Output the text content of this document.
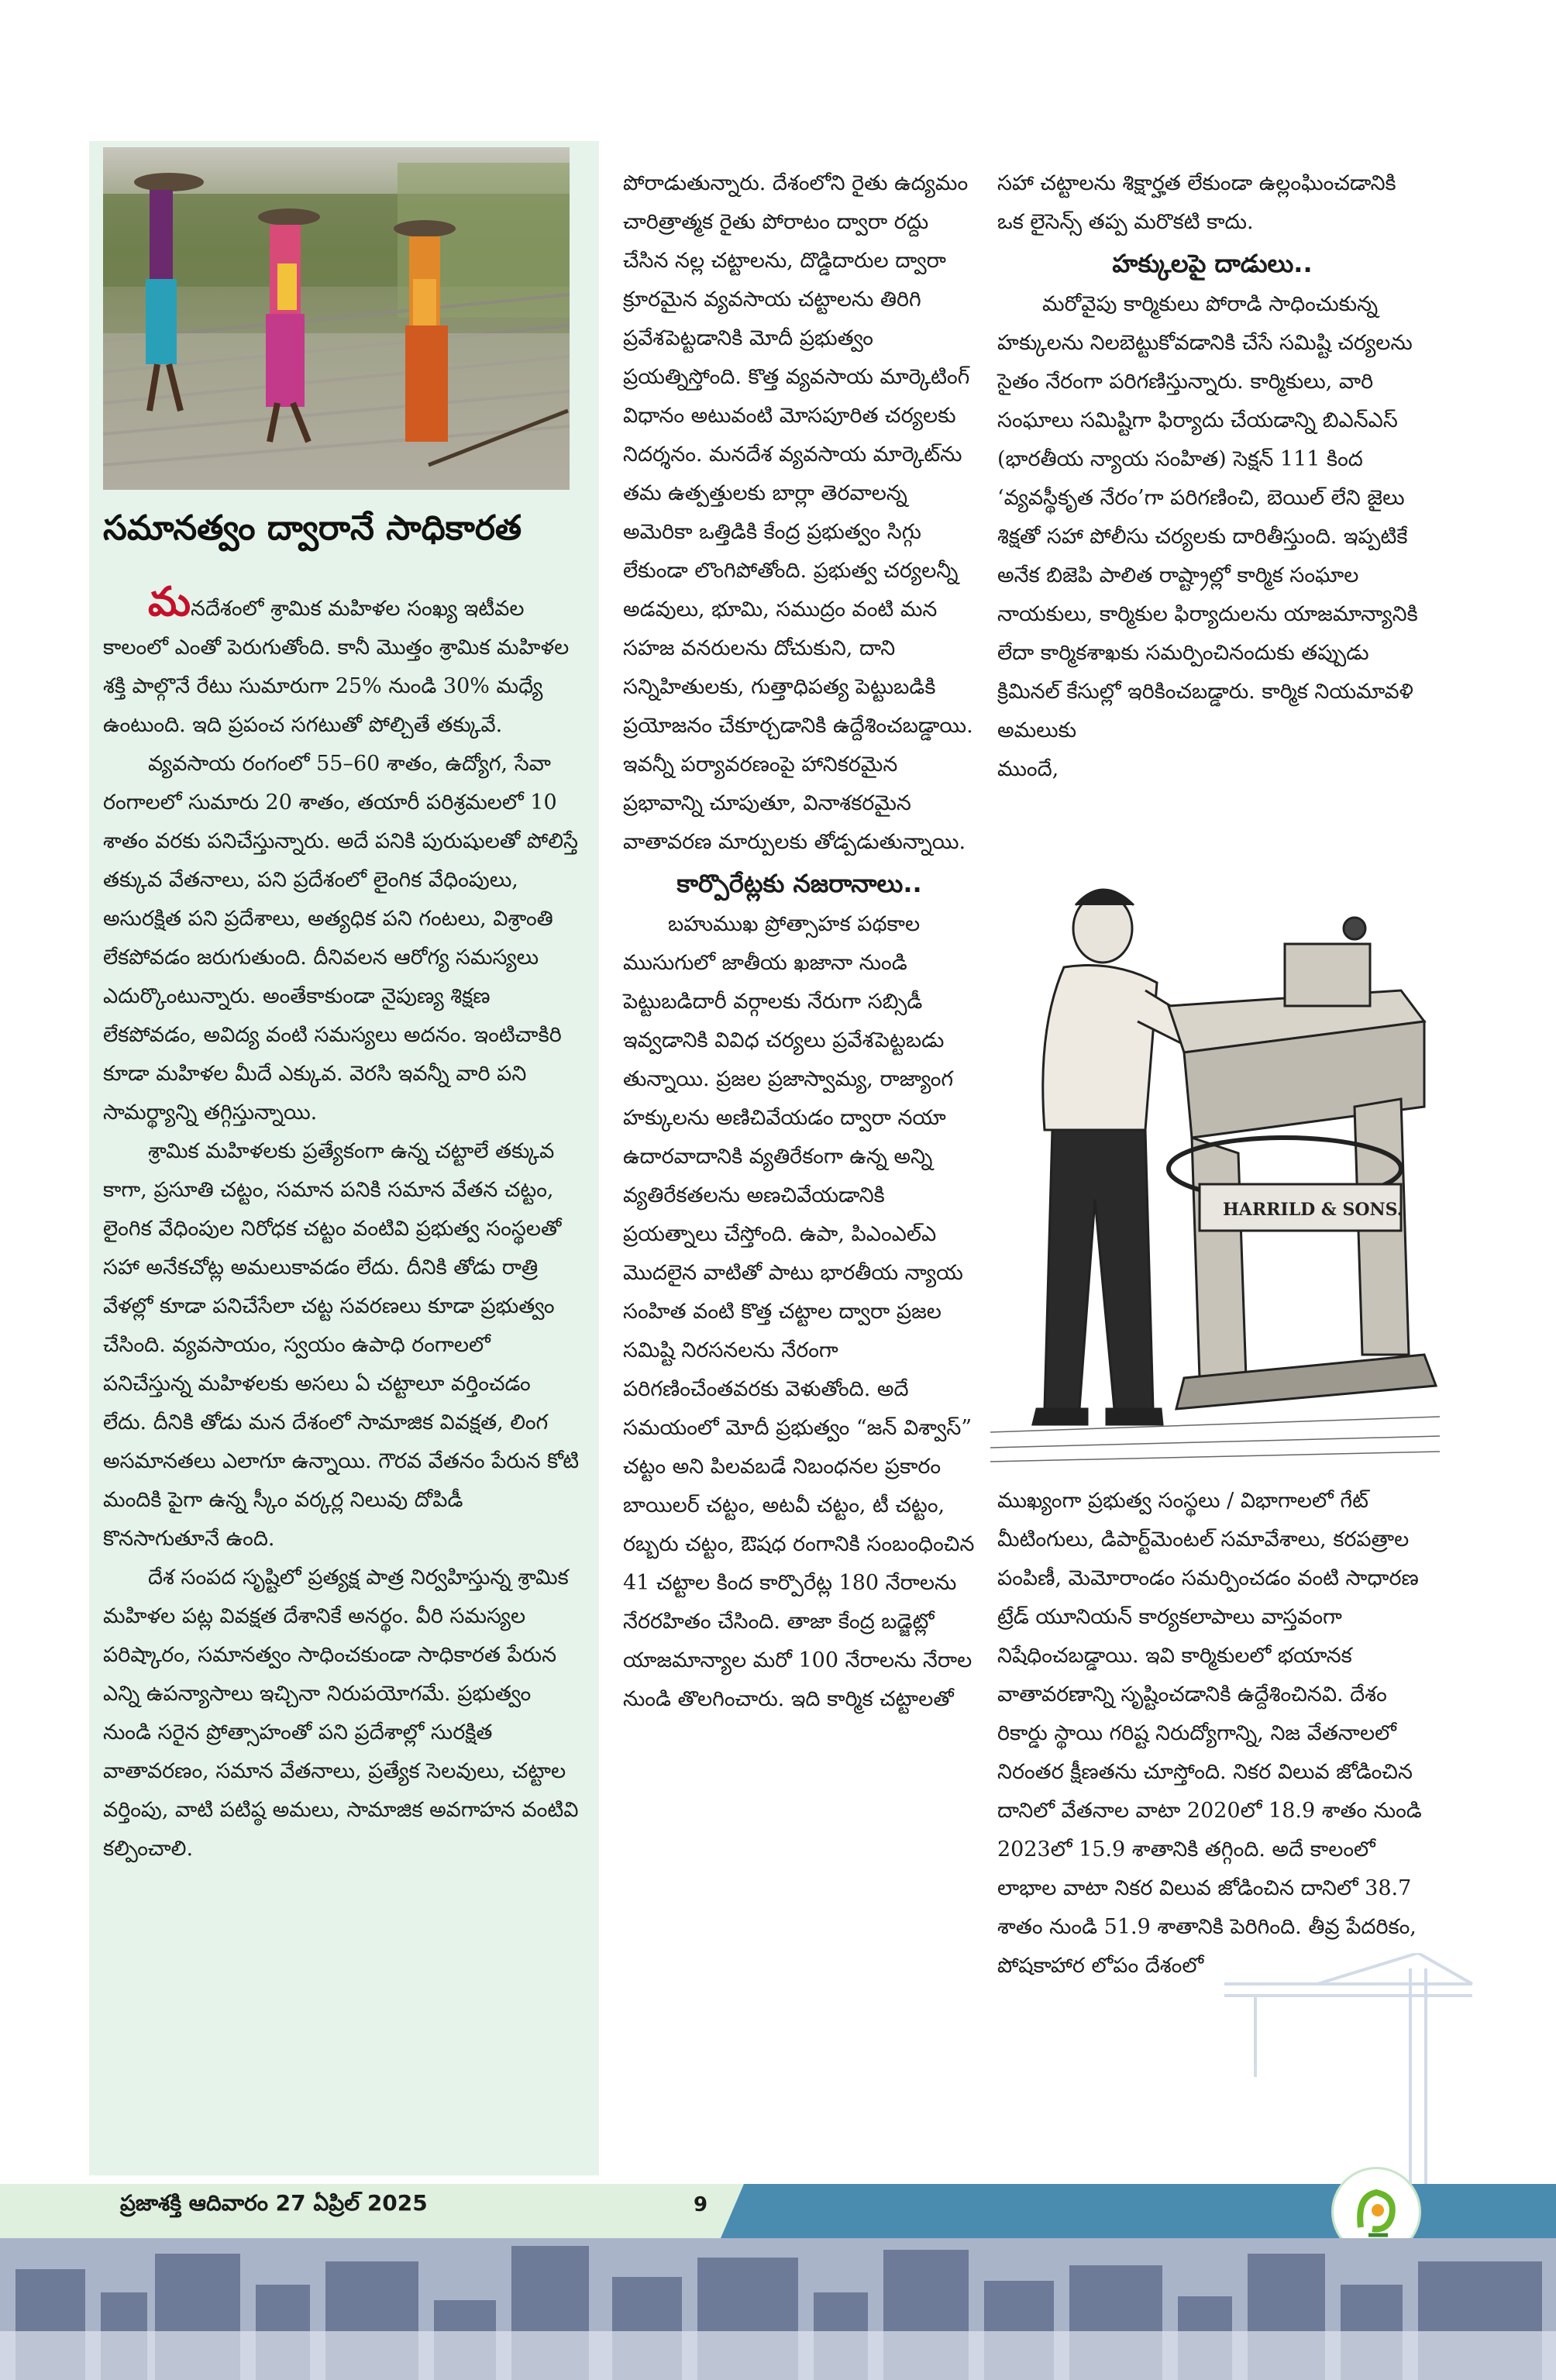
సమానత్వం ద్వారానే సాధికారత

మనదేశంలో శ్రామిక మహిళల సంఖ్య ఇటీవల కాలంలో ఎంతో పెరుగుతోంది. కానీ మొత్తం శ్రామిక మహిళల శక్తి పాల్గొనే రేటు సుమారుగా 25% నుండి 30% మధ్యే ఉంటుంది. ఇది ప్రపంచ సగటుతో పోల్చితే తక్కువే.

వ్యవసాయ రంగంలో 55–60 శాతం, ఉద్యోగ, సేవా రంగాలలో సుమారు 20 శాతం, తయారీ పరిశ్రమలలో 10 శాతం వరకు పనిచేస్తున్నారు. అదే పనికి పురుషులతో పోలిస్తే తక్కువ వేతనాలు, పని ప్రదేశంలో లైంగిక వేధింపులు, అసురక్షిత పని ప్రదేశాలు, అత్యధిక పని గంటలు, విశ్రాంతి లేకపోవడం జరుగుతుంది. దీనివలన ఆరోగ్య సమస్యలు ఎదుర్కొంటున్నారు. అంతేకాకుండా నైపుణ్య శిక్షణ లేకపోవడం, అవిద్య వంటి సమస్యలు అదనం. ఇంటిచాకిరి కూడా మహిళల మీదే ఎక్కువ. వెరసి ఇవన్నీ వారి పని సామర్థ్యాన్ని తగ్గిస్తున్నాయి.

శ్రామిక మహిళలకు ప్రత్యేకంగా ఉన్న చట్టాలే తక్కువ కాగా, ప్రసూతి చట్టం, సమాన పనికి సమాన వేతన చట్టం, లైంగిక వేధింపుల నిరోధక చట్టం వంటివి ప్రభుత్వ సంస్థలతో సహా అనేకచోట్ల అమలుకావడం లేదు. దీనికి తోడు రాత్రి వేళల్లో కూడా పనిచేసేలా చట్ట సవరణలు కూడా ప్రభుత్వం చేసింది. వ్యవసాయం, స్వయం ఉపాధి రంగాలలో పనిచేస్తున్న మహిళలకు అసలు ఏ చట్టాలూ వర్తించడం లేదు. దీనికి తోడు మన దేశంలో సామాజిక వివక్షత, లింగ అసమానతలు ఎలాగూ ఉన్నాయి. గౌరవ వేతనం పేరున కోటి మందికి పైగా ఉన్న స్కీం వర్కర్ల నిలువు దోపిడీ కొనసాగుతూనే ఉంది.

దేశ సంపద సృష్టిలో ప్రత్యక్ష పాత్ర నిర్వహిస్తున్న శ్రామిక మహిళల పట్ల వివక్షత దేశానికే అనర్థం. వీరి సమస్యల పరిష్కారం, సమానత్వం సాధించకుండా సాధికారత పేరున ఎన్ని ఉపన్యాసాలు ఇచ్చినా నిరుపయోగమే. ప్రభుత్వం నుండి సరైన ప్రోత్సాహంతో పని ప్రదేశాల్లో సురక్షిత వాతావరణం, సమాన వేతనాలు, ప్రత్యేక సెలవులు, చట్టాల వర్తింపు, వాటి పటిష్ఠ అమలు, సామాజిక అవగాహన వంటివి కల్పించాలి.

పోరాడుతున్నారు. దేశంలోని రైతు ఉద్యమం చారిత్రాత్మక రైతు పోరాటం ద్వారా రద్దు చేసిన నల్ల చట్టాలను, దొడ్డిదారుల ద్వారా క్రూరమైన వ్యవసాయ చట్టాలను తిరిగి ప్రవేశపెట్టడానికి మోదీ ప్రభుత్వం ప్రయత్నిస్తోంది. కొత్త వ్యవసాయ మార్కెటింగ్ విధానం అటువంటి మోసపూరిత చర్యలకు నిదర్శనం. మనదేశ వ్యవసాయ మార్కెట్‌ను తమ ఉత్పత్తులకు బార్లా తెరవాలన్న అమెరికా ఒత్తిడికి కేంద్ర ప్రభుత్వం సిగ్గు లేకుండా లొంగిపోతోంది. ప్రభుత్వ చర్యలన్నీ అడవులు, భూమి, సముద్రం వంటి మన సహజ వనరులను దోచుకుని, దాని సన్నిహితులకు, గుత్తాధిపత్య పెట్టుబడికి ప్రయోజనం చేకూర్చడానికి ఉద్దేశించబడ్డాయి. ఇవన్నీ పర్యావరణంపై హానికరమైన ప్రభావాన్ని చూపుతూ, వినాశకరమైన వాతావరణ మార్పులకు తోడ్పడుతున్నాయి.

కార్పొరేట్లకు నజరానాలు..

బహుముఖ ప్రోత్సాహక పథకాల ముసుగులో జాతీయ ఖజానా నుండి పెట్టుబడిదారీ వర్గాలకు నేరుగా సబ్సిడీ ఇవ్వడానికి వివిధ చర్యలు ప్రవేశపెట్టబడు తున్నాయి. ప్రజల ప్రజాస్వామ్య, రాజ్యాంగ హక్కులను అణిచివేయడం ద్వారా నయా ఉదారవాదానికి వ్యతిరేకంగా ఉన్న అన్ని వ్యతిరేకతలను అణచివేయడానికి ప్రయత్నాలు చేస్తోంది. ఉపా, పిఎంఎల్ఎ మొదలైన వాటితో పాటు భారతీయ న్యాయ సంహిత వంటి కొత్త చట్టాల ద్వారా ప్రజల సమిష్టి నిరసనలను నేరంగా పరిగణించేంతవరకు వెళుతోంది. అదే సమయంలో మోదీ ప్రభుత్వం “జన్ విశ్వాస్” చట్టం అని పిలవబడే నిబంధనల ప్రకారం బాయిలర్ చట్టం, అటవీ చట్టం, టీ చట్టం, రబ్బరు చట్టం, ఔషధ రంగానికి సంబంధించిన 41 చట్టాల కింద కార్పొరేట్ల 180 నేరాలను నేరరహితం చేసింది. తాజా కేంద్ర బడ్జెట్లో యాజమాన్యాల మరో 100 నేరాలను నేరాల నుండి తొలగించారు. ఇది కార్మిక చట్టాలతో

సహా చట్టాలను శిక్షార్హత లేకుండా ఉల్లంఘించడానికి ఒక లైసెన్స్ తప్ప మరొకటి కాదు.

హక్కులపై దాడులు..

మరోవైపు కార్మికులు పోరాడి సాధించుకున్న హక్కులను నిలబెట్టుకోవడానికి చేసే సమిష్టి చర్యలను సైతం నేరంగా పరిగణిస్తున్నారు. కార్మికులు, వారి సంఘాలు సమిష్టిగా ఫిర్యాదు చేయడాన్ని బిఎన్ఎస్ (భారతీయ న్యాయ సంహిత) సెక్షన్ 111 కింద ‘వ్యవస్థీకృత నేరం’గా పరిగణించి, బెయిల్ లేని జైలు శిక్షతో సహా పోలీసు చర్యలకు దారితీస్తుంది. ఇప్పటికే అనేక బిజెపి పాలిత రాష్ట్రాల్లో కార్మిక సంఘాల నాయకులు, కార్మికుల ఫిర్యాదులను యాజమాన్యానికి లేదా కార్మికశాఖకు సమర్పించినందుకు తప్పుడు క్రిమినల్ కేసుల్లో ఇరికించబడ్డారు. కార్మిక నియమావళి అమలుకు

ముందే,

HARRILD & SONS.

ముఖ్యంగా ప్రభుత్వ సంస్థలు / విభాగాలలో గేట్ మీటింగులు, డిపార్ట్‌మెంటల్ సమావేశాలు, కరపత్రాల పంపిణీ, మెమోరాండం సమర్పించడం వంటి సాధారణ ట్రేడ్ యూనియన్ కార్యకలాపాలు వాస్తవంగా నిషేధించబడ్డాయి. ఇవి కార్మికులలో భయానక వాతావరణాన్ని సృష్టించడానికి ఉద్దేశించినవి. దేశం రికార్డు స్థాయి గరిష్ట నిరుద్యోగాన్ని, నిజ వేతనాలలో నిరంతర క్షీణతను చూస్తోంది. నికర విలువ జోడించిన దానిలో వేతనాల వాటా 2020లో 18.9 శాతం నుండి 2023లో 15.9 శాతానికి తగ్గింది. అదే కాలంలో లాభాల వాటా నికర విలువ జోడించిన దానిలో 38.7 శాతం నుండి 51.9 శాతానికి పెరిగింది. తీవ్ర పేదరికం, పోషకాహార లోపం దేశంలో

ప్రజాశక్తి ఆదివారం 27 ఏప్రిల్ 2025	9
